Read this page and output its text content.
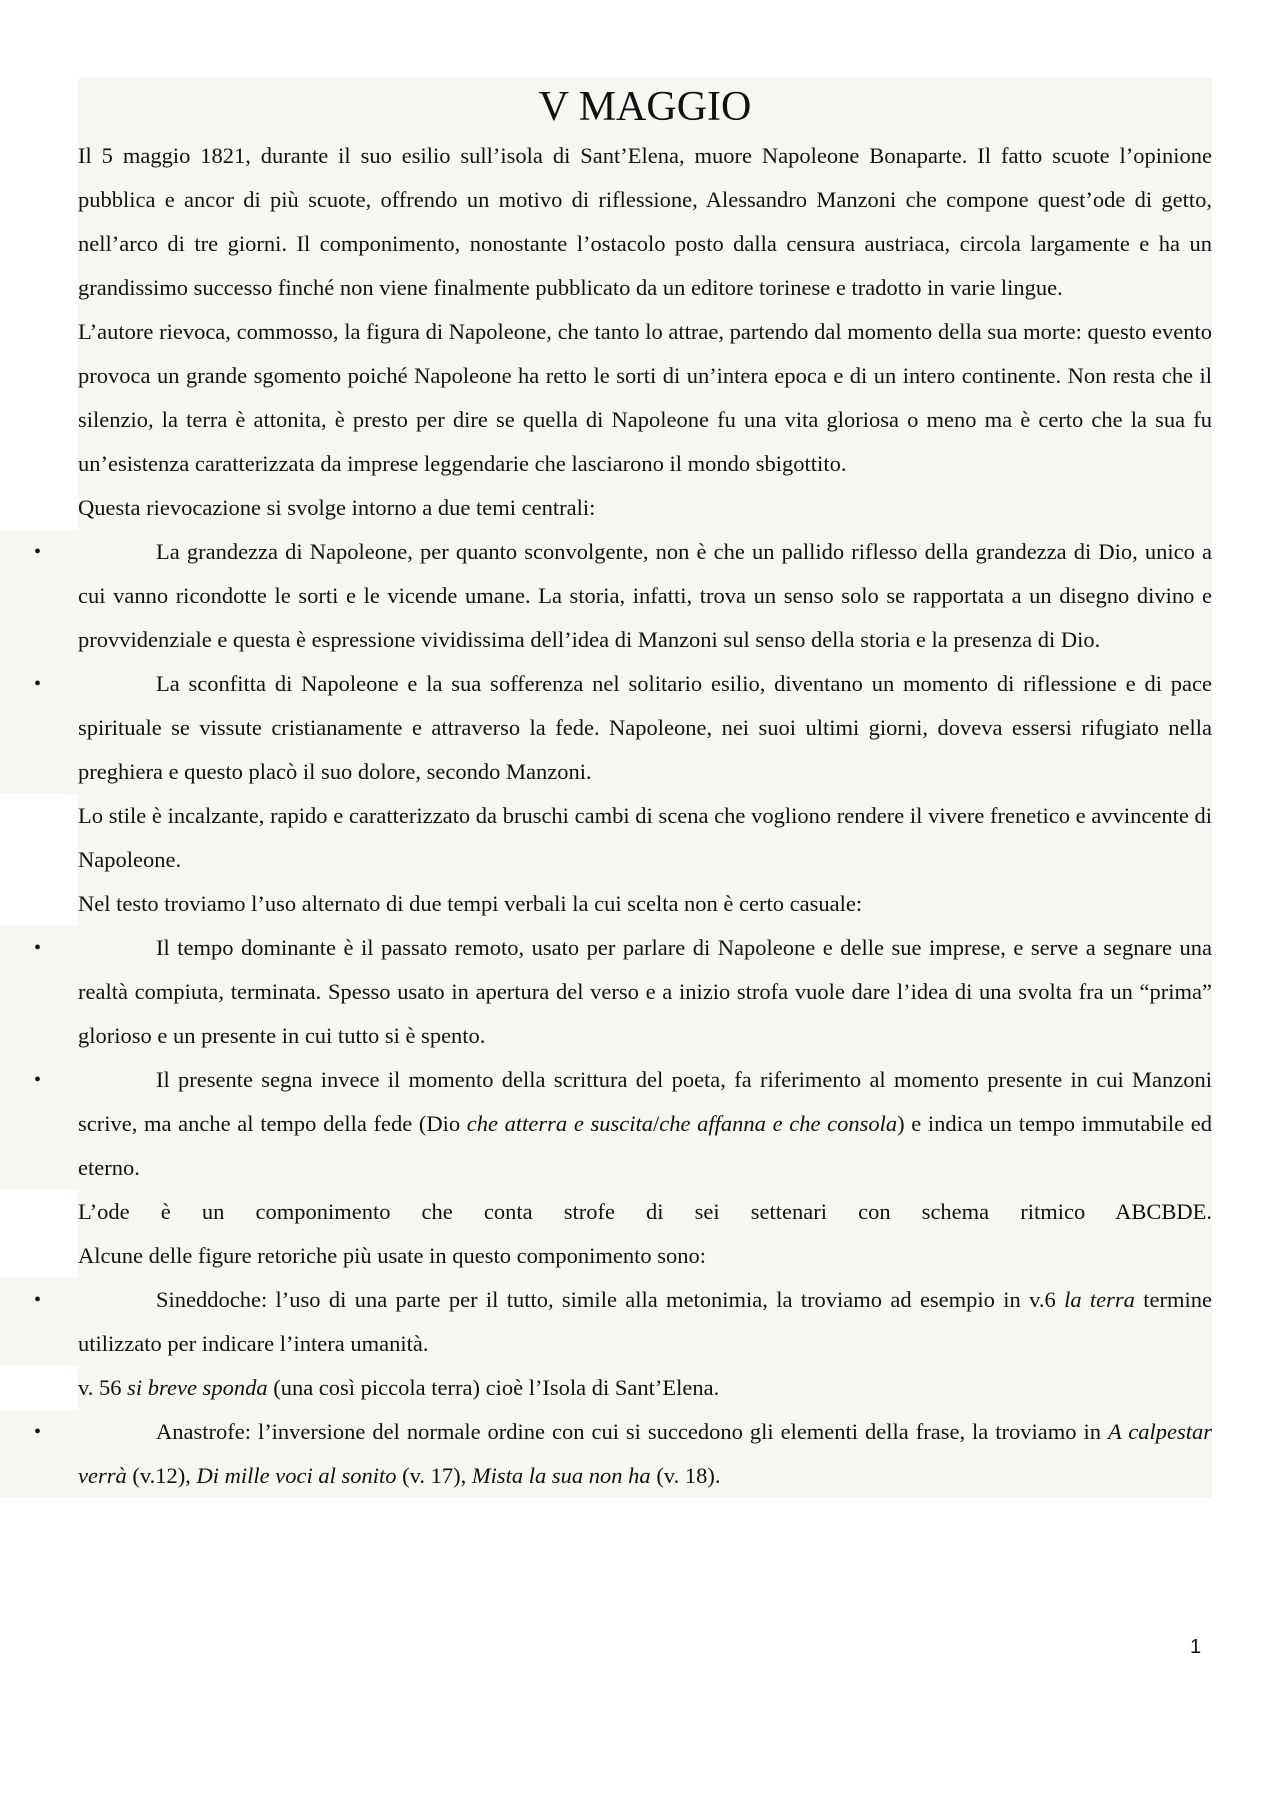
V MAGGIO

Il 5 maggio 1821, durante il suo esilio sull’isola di Sant’Elena, muore Napoleone Bonaparte. Il fatto scuote l’opinione pubblica e ancor di più scuote, offrendo un motivo di riflessione, Alessandro Manzoni che compone quest’ode di getto, nell’arco di tre giorni. Il componimento, nonostante l’ostacolo posto dalla censura austriaca, circola largamente e ha un grandissimo successo finché non viene finalmente pubblicato da un editore torinese e tradotto in varie lingue.

L’autore rievoca, commosso, la figura di Napoleone, che tanto lo attrae, partendo dal momento della sua morte: questo evento provoca un grande sgomento poiché Napoleone ha retto le sorti di un’intera epoca e di un intero continente. Non resta che il silenzio, la terra è attonita, è presto per dire se quella di Napoleone fu una vita gloriosa o meno ma è certo che la sua fu un’esistenza caratterizzata da imprese leggendarie che lasciarono il mondo sbigottito.

Questa rievocazione si svolge intorno a due temi centrali:

•	La grandezza di Napoleone, per quanto sconvolgente, non è che un pallido riflesso della grandezza di Dio, unico a cui vanno ricondotte le sorti e le vicende umane. La storia, infatti, trova un senso solo se rapportata a un disegno divino e provvidenziale e questa è espressione vividissima dell’idea di Manzoni sul senso della storia e la presenza di Dio.

•	La sconfitta di Napoleone e la sua sofferenza nel solitario esilio, diventano un momento di riflessione e di pace spirituale se vissute cristianamente e attraverso la fede. Napoleone, nei suoi ultimi giorni, doveva essersi rifugiato nella preghiera e questo placò il suo dolore, secondo Manzoni.

Lo stile è incalzante, rapido e caratterizzato da bruschi cambi di scena che vogliono rendere il vivere frenetico e avvincente di Napoleone.

Nel testo troviamo l’uso alternato di due tempi verbali la cui scelta non è certo casuale:

•	Il tempo dominante è il passato remoto, usato per parlare di Napoleone e delle sue imprese, e serve a segnare una realtà compiuta, terminata. Spesso usato in apertura del verso e a inizio strofa vuole dare l’idea di una svolta fra un “prima” glorioso e un presente in cui tutto si è spento.

•	Il presente segna invece il momento della scrittura del poeta, fa riferimento al momento presente in cui Manzoni scrive, ma anche al tempo della fede (Dio che atterra e suscita/che affanna e che consola) e indica un tempo immutabile ed eterno.

L’ode è un componimento che conta strofe di sei settenari con schema ritmico ABCBDE.

Alcune delle figure retoriche più usate in questo componimento sono:

•	Sineddoche: l’uso di una parte per il tutto, simile alla metonimia, la troviamo ad esempio in v.6 la terra termine utilizzato per indicare l’intera umanità.

v. 56 si breve sponda (una così piccola terra) cioè l’Isola di Sant’Elena.

•	Anastrofe: l’inversione del normale ordine con cui si succedono gli elementi della frase, la troviamo in A calpestar verrà (v.12), Di mille voci al sonito (v. 17), Mista la sua non ha (v. 18).

1
